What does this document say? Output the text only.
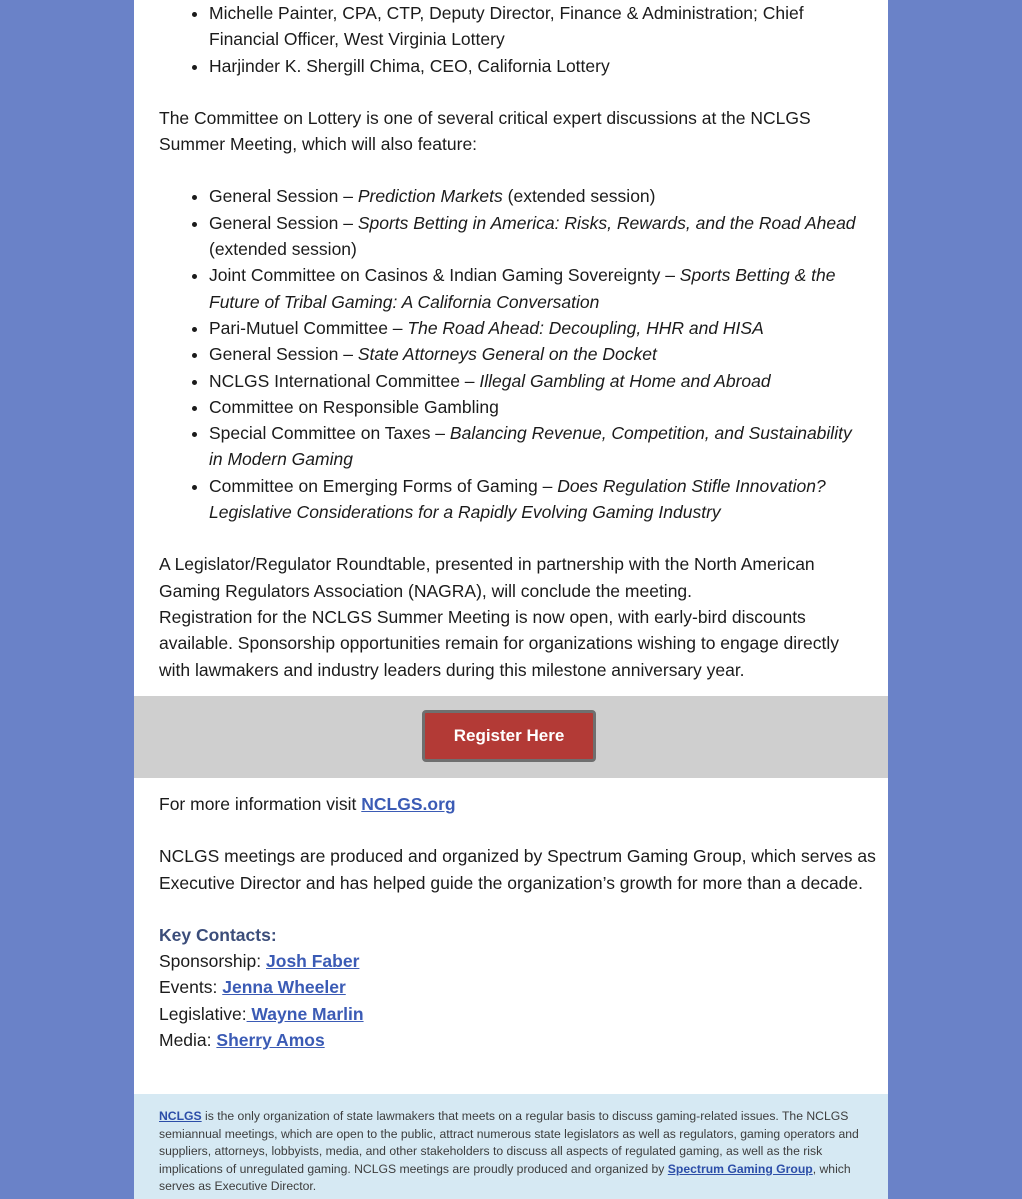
• Michelle Painter, CPA, CTP, Deputy Director, Finance & Administration; Chief Financial Officer, West Virginia Lottery
• Harjinder K. Shergill Chima, CEO, California Lottery

The Committee on Lottery is one of several critical expert discussions at the NCLGS Summer Meeting, which will also feature:

• General Session – Prediction Markets (extended session)
• General Session – Sports Betting in America: Risks, Rewards, and the Road Ahead (extended session)
• Joint Committee on Casinos & Indian Gaming Sovereignty – Sports Betting & the Future of Tribal Gaming: A California Conversation
• Pari-Mutuel Committee – The Road Ahead: Decoupling, HHR and HISA
• General Session – State Attorneys General on the Docket
• NCLGS International Committee – Illegal Gambling at Home and Abroad
• Committee on Responsible Gambling
• Special Committee on Taxes – Balancing Revenue, Competition, and Sustainability in Modern Gaming
• Committee on Emerging Forms of Gaming – Does Regulation Stifle Innovation? Legislative Considerations for a Rapidly Evolving Gaming Industry

A Legislator/Regulator Roundtable, presented in partnership with the North American Gaming Regulators Association (NAGRA), will conclude the meeting.

Registration for the NCLGS Summer Meeting is now open, with early-bird discounts available. Sponsorship opportunities remain for organizations wishing to engage directly with lawmakers and industry leaders during this milestone anniversary year.

Register Here

For more information visit NCLGS.org

NCLGS meetings are produced and organized by Spectrum Gaming Group, which serves as Executive Director and has helped guide the organization’s growth for more than a decade.

Key Contacts:

Sponsorship: Josh Faber

Events: Jenna Wheeler

Legislative: Wayne Marlin

Media: Sherry Amos

NCLGS is the only organization of state lawmakers that meets on a regular basis to discuss gaming-related issues. The NCLGS semiannual meetings, which are open to the public, attract numerous state legislators as well as regulators, gaming operators and suppliers, attorneys, lobbyists, media, and other stakeholders to discuss all aspects of regulated gaming, as well as the risk implications of unregulated gaming. NCLGS meetings are proudly produced and organized by Spectrum Gaming Group, which serves as Executive Director.
